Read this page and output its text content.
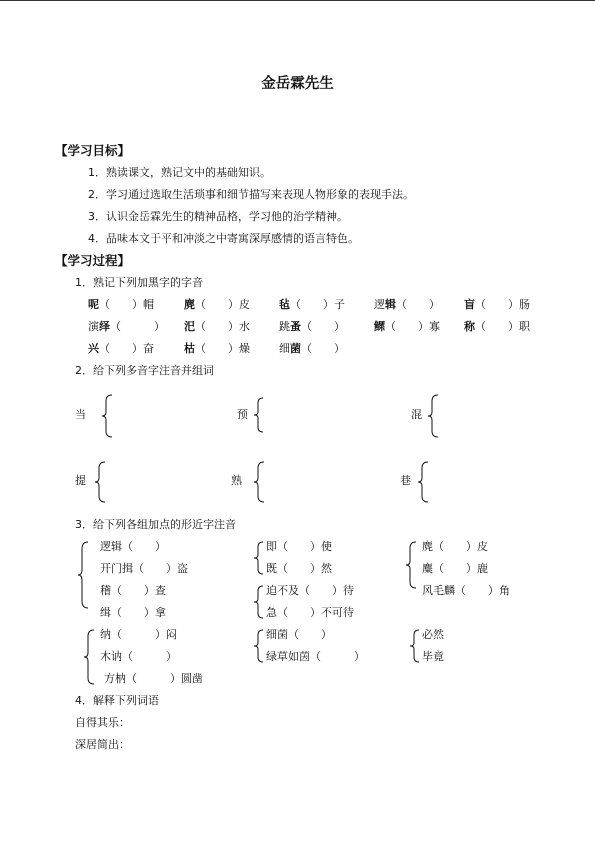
金岳霖先生
【学习目标】
1．熟读课文，熟记文中的基础知识。
2．学习通过选取生活琐事和细节描写来表现人物形象的表现手法。
3．认识金岳霖先生的精神品格，学习他的治学精神。
4．品味本文于平和冲淡之中寄寓深厚感情的语言特色。
【学习过程】
1．熟记下列加黑字的字音
呢（　　）帽	麂（　　）皮	毡（　　）子	逻辑（　　） 盲（　　）肠
演绎（　　　） 汜（　　）水	跳蚤（　　）	鳏（　　）寡 称（　　）职
兴（　　）奋	枯（　　）燥	细菌（　　）
2．给下列多音字注音并组词
当	预	混
提	熟	巷
3．给下列各组加点的形近字注音
逻辑（　　）
开门揖（　　）盗
稽（　　）查
缉（　　）拿
即（　　）使
既（　　）然
麂（　　）皮
麋（　　）鹿
风毛麟（　　）角
迫不及（　　）待
急（　　）不可待
纳（　　　）闷
木讷（　　　）
方枘（　　　）圆凿
细菌（　　）
绿草如茵（　　　）
必然
毕竟
4．解释下列词语
自得其乐：
深居简出：
